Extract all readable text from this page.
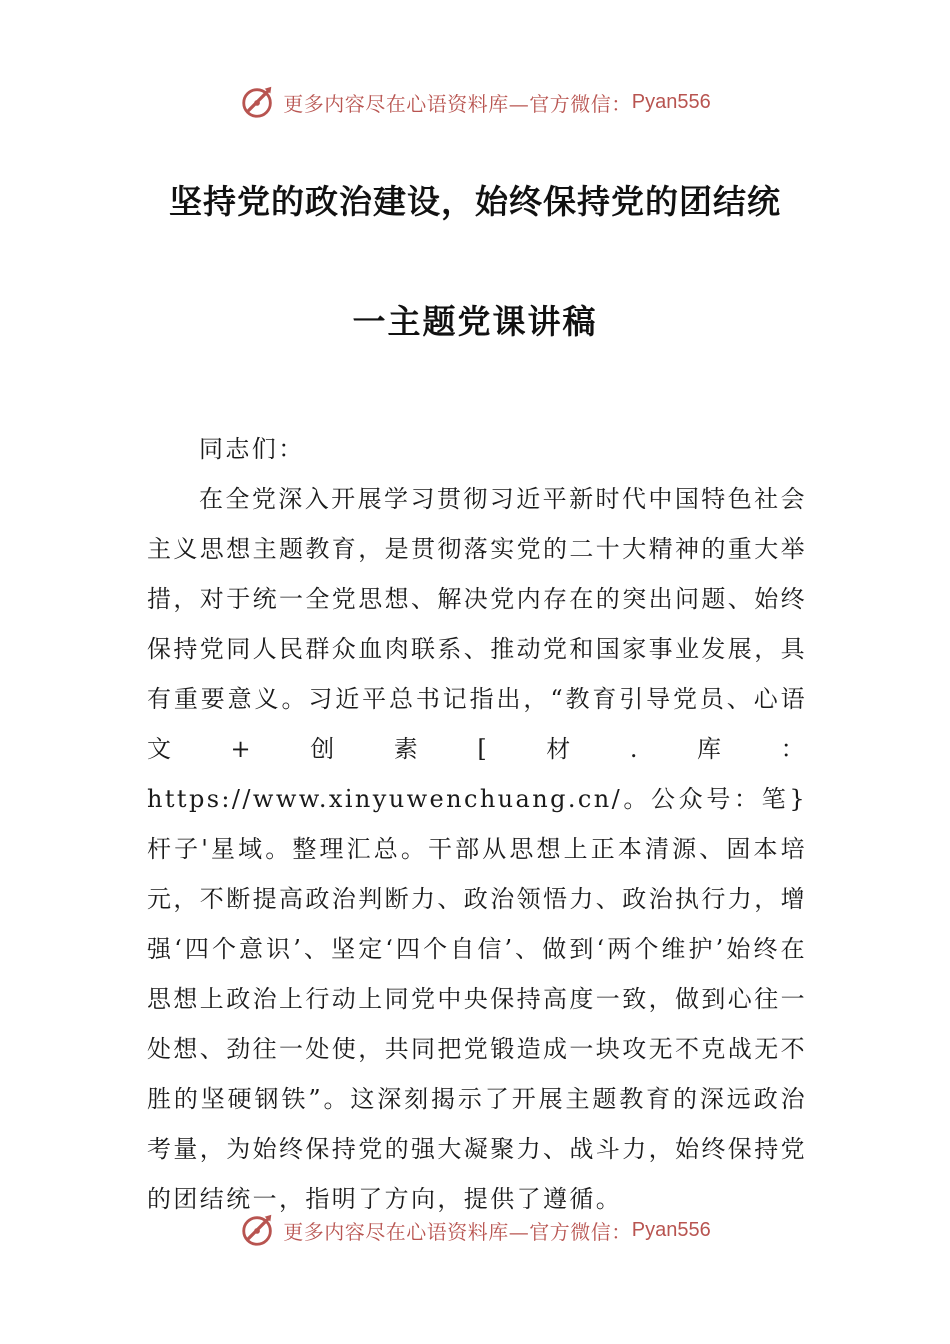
更多内容尽在心语资料库—官方微信： Pyan556
坚持党的政治建设，始终保持党的团结统
一主题党课讲稿

同志们：

在全党深入开展学习贯彻习近平新时代中国特色社会主义思想主题教育，是贯彻落实党的二十大精神的重大举措，对于统一全党思想、解决党内存在的突出问题、始终保持党同人民群众血肉联系、推动党和国家事业发展，具有重要意义。习近平总书记指出，“教育引导党员、心语文+创素[材.库：https://www.xinyuwenchuang.cn/。公众号：笔}杆子'星域。整理汇总。干部从思想上正本清源、固本培元，不断提高政治判断力、政治领悟力、政治执行力，增强‘四个意识’、坚定‘四个自信’、做到‘两个维护’始终在思想上政治上行动上同党中央保持高度一致，做到心往一处想、劲往一处使，共同把党锻造成一块攻无不克战无不胜的坚硬钢铁”。这深刻揭示了开展主题教育的深远政治考量，为始终保持党的强大凝聚力、战斗力，始终保持党的团结统一，指明了方向，提供了遵循。

更多内容尽在心语资料库—官方微信： Pyan556
